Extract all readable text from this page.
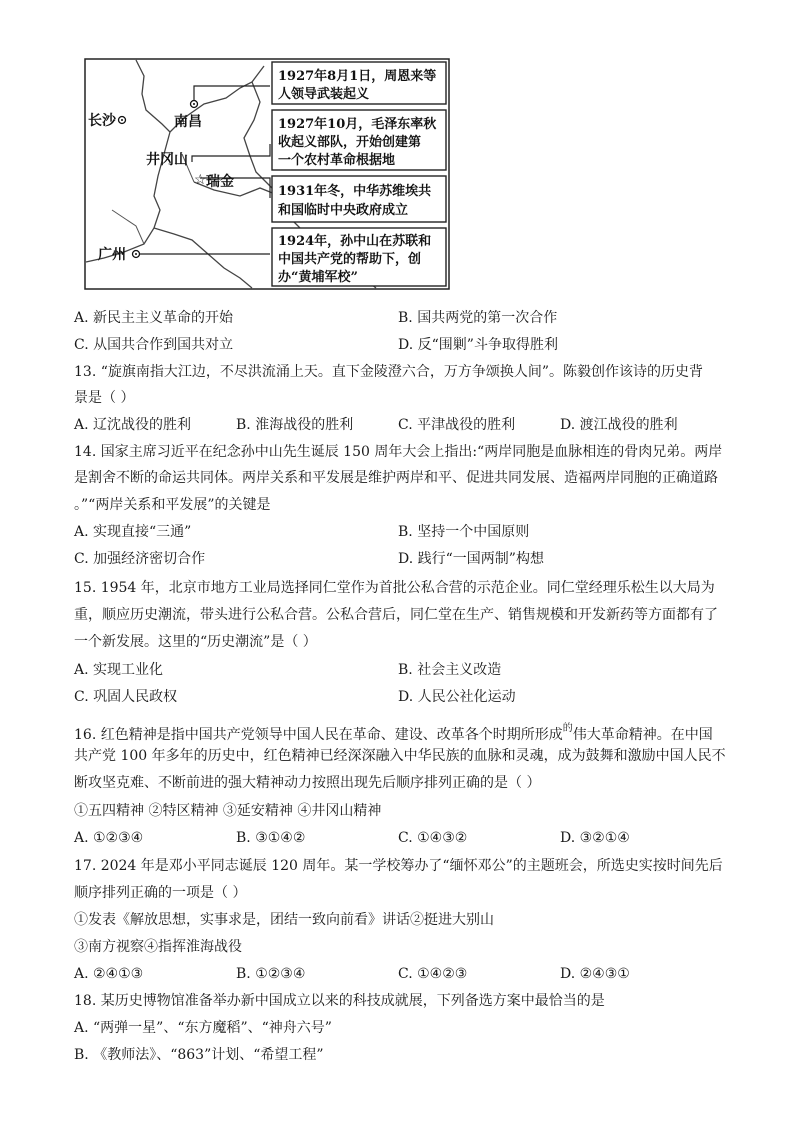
长沙	南昌
井冈山
☆ 瑞金
广州
1927年8月1日，周恩来等
人领导武装起义
1927年10月，毛泽东率秋
收起义部队，开始创建第
一个农村革命根据地
1931年冬，中华苏维埃共
和国临时中央政府成立
1924年，孙中山在苏联和
中国共产党的帮助下，创
办“黄埔军校”
A. 新民主主义革命的开始	B. 国共两党的第一次合作
C. 从国共合作到国共对立	D. 反“围剿”斗争取得胜利
13. “旋旗南指大江边，不尽洪流涌上天。直下金陵澄六合，万方争颂换人间”。陈毅创作该诗的历史背
景是（ ）
A. 辽沈战役的胜利	B. 淮海战役的胜利	C. 平津战役的胜利	D. 渡江战役的胜利
14. 国家主席习近平在纪念孙中山先生诞辰 150 周年大会上指出:“两岸同胞是血脉相连的骨肉兄弟。两岸
是割舍不断的命运共同体。两岸关系和平发展是维护两岸和平、促进共同发展、造福两岸同胞的正确道路
。”“两岸关系和平发展”的关键是
A. 实现直接“三通”	B. 坚持一个中国原则
C. 加强经济密切合作	D. 践行“一国两制”构想
15. 1954 年，北京市地方工业局选择同仁堂作为首批公私合营的示范企业。同仁堂经理乐松生以大局为
重，顺应历史潮流，带头进行公私合营。公私合营后，同仁堂在生产、销售规模和开发新药等方面都有了
一个新发展。这里的“历史潮流”是（ ）
A. 实现工业化	B. 社会主义改造
C. 巩固人民政权	D. 人民公社化运动
16. 红色精神是指中国共产党领导中国人民在革命、建设、改革各个时期所形成$^的$伟大革命精神。在中国
共产党 100 年多年的历史中，红色精神已经深深融入中华民族的血脉和灵魂，成为鼓舞和激励中国人民不
断攻坚克难、不断前进的强大精神动力按照出现先后顺序排列正确的是（ ）
①五四精神 ②特区精神 ③延安精神 ④井冈山精神
A. ①②③④	B. ③①④②	C. ①④③②	D. ③②①④
17. 2024 年是邓小平同志诞辰 120 周年。某一学校筹办了“缅怀邓公”的主题班会，所选史实按时间先后
顺序排列正确的一项是（ ）
①发表《解放思想，实事求是，团结一致向前看》讲话②挺进大别山
③南方视察④指挥淮海战役
A. ②④①③	B. ①②③④	C. ①④②③	D. ②④③①
18. 某历史博物馆准备举办新中国成立以来的科技成就展，下列备选方案中最恰当的是
A. “两弹一星”、“东方魔稻”、“神舟六号”
B. 《教师法》、“863”计划、“希望工程”
